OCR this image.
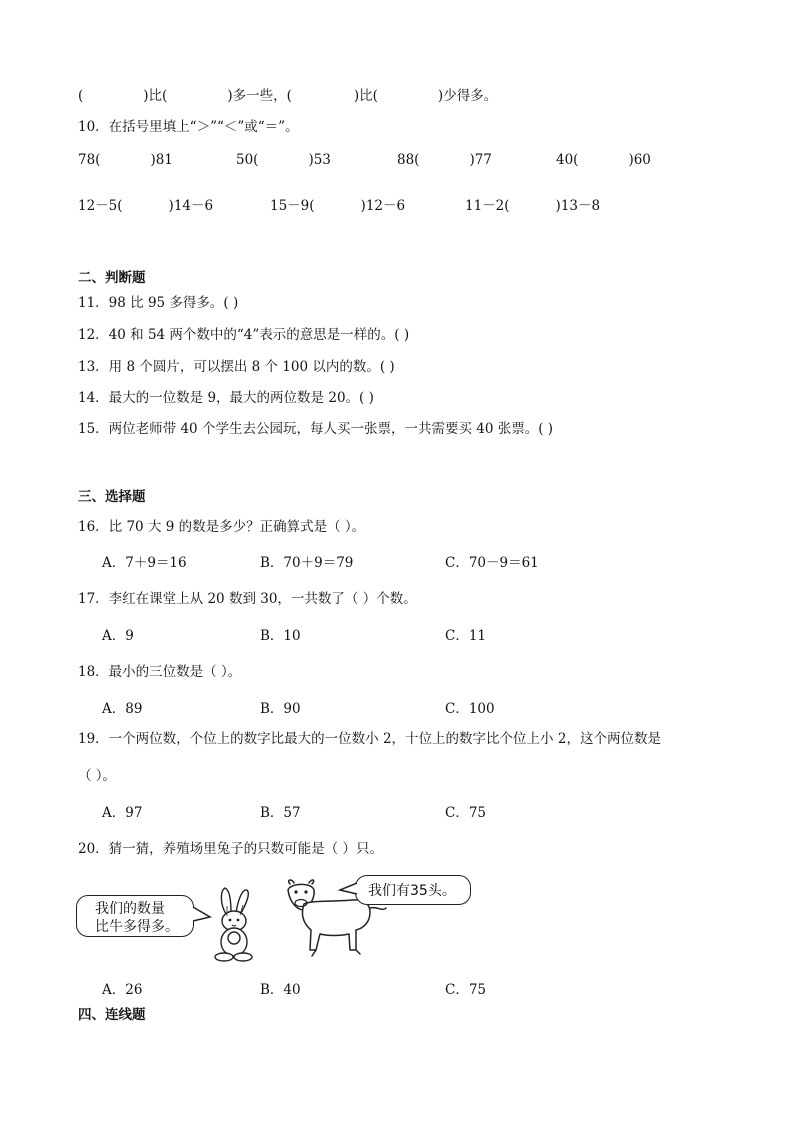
(	)比(	)多一些，(	)比(	)少得多。
10．在括号里填上“＞”“＜”或“＝”。
78(	)81	50(	)53	88(	)77	40(	)60
12－5(	)14－6	15－9(	)12－6	11－2(	)13－8
二、判断题
11．98 比 95 多得多。( )
12．40 和 54 两个数中的“4”表示的意思是一样的。( )
13．用 8 个圆片，可以摆出 8 个 100 以内的数。( )
14．最大的一位数是 9，最大的两位数是 20。( )
15．两位老师带 40 个学生去公园玩，每人买一张票，一共需要买 40 张票。( )
三、选择题
16．比 70 大 9 的数是多少？正确算式是（ ）。
A．7＋9＝16	B．70＋9＝79	C．70－9＝61
17．李红在课堂上从 20 数到 30，一共数了（ ）个数。
A．9	B．10	C．11
18．最小的三位数是（ ）。
A．89	B．90	C．100
19．一个两位数，个位上的数字比最大的一位数小 2，十位上的数字比个位上小 2，这个两位数是
（ ）。
A．97	B．57	C．75
20．猜一猜，养殖场里兔子的只数可能是（ ）只。
我们的数量
比牛多得多。
我们有35头。
A．26	B．40	C．75
四、连线题
